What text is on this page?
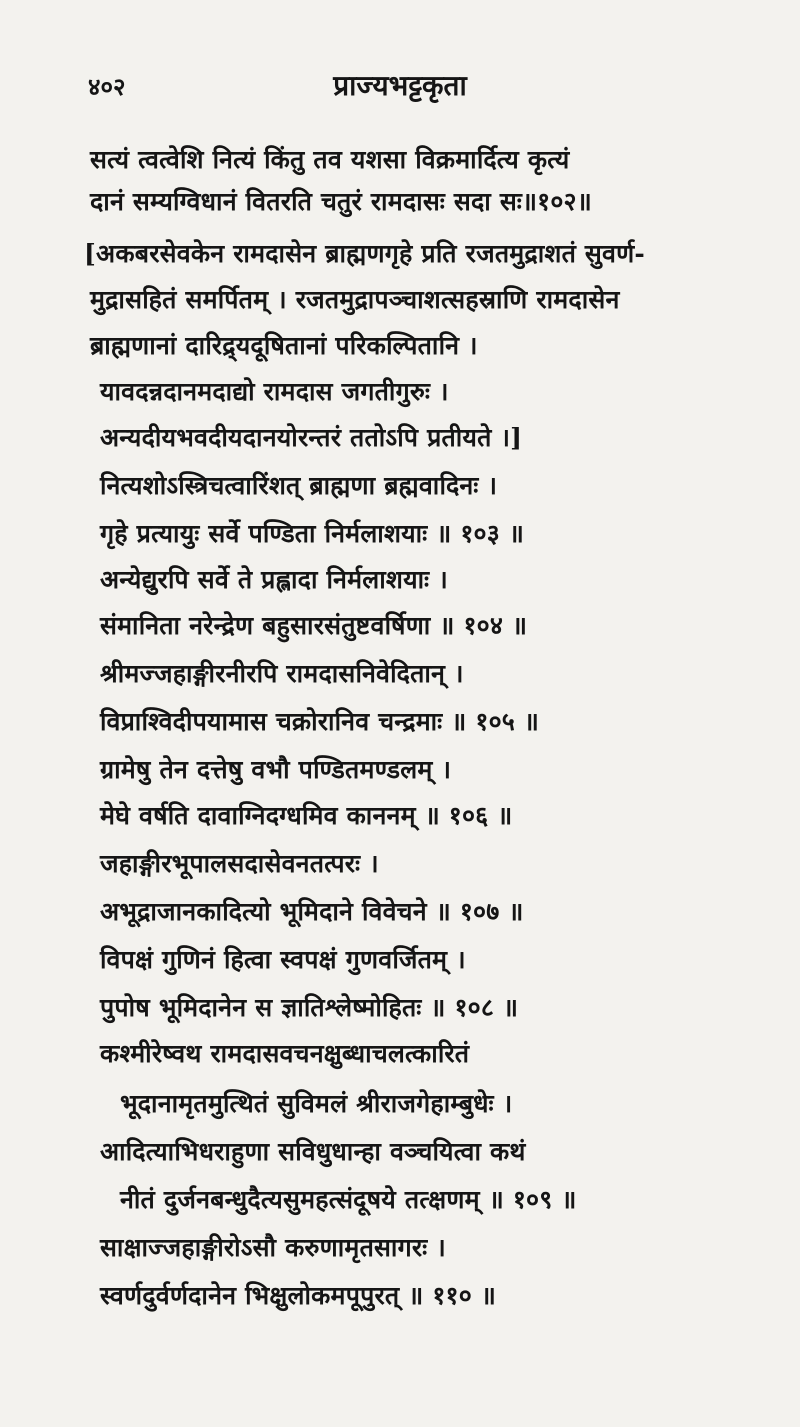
४०२	प्राज्यभट्टकृता
सत्यं त्वत्वेशि नित्यं किंतु तव यशसा विक्रमार्दित्य कृत्यं
दानं सम्यग्विधानं वितरति चतुरं रामदासः सदा सः॥१०२॥
[अकबरसेवकेन रामदासेन ब्राह्मणगृहे प्रति रजतमुद्राशतं सुवर्ण-
मुद्रासहितं समर्पितम् । रजतमुद्रापञ्चाशत्सहस्राणि रामदासेन
ब्राह्मणानां दारिद्र्यदूषितानां परिकल्पितानि ।
यावदन्नदानमदाद्यो रामदास जगतीगुरुः ।
अन्यदीयभवदीयदानयोरन्तरं ततोऽपि प्रतीयते ।]
नित्यशोऽस्त्रिचत्वारिंशत् ब्राह्मणा ब्रह्मवादिनः ।
गृहे प्रत्यायुः सर्वे पण्डिता निर्मलाशयाः ॥ १०३ ॥
अन्येद्युरपि सर्वे ते प्रह्लादा निर्मलाशयाः ।
संमानिता नरेन्द्रेण बहुसारसंतुष्टवर्षिणा ॥ १०४ ॥
श्रीमज्जहाङ्गीरनीरपि रामदासनिवेदितान् ।
विप्राश्विदीपयामास चक्रोरानिव चन्द्रमाः ॥ १०५ ॥
ग्रामेषु तेन दत्तेषु वभौ पण्डितमण्डलम् ।
मेघे वर्षति दावाग्निदग्धमिव काननम् ॥ १०६ ॥
जहाङ्गीरभूपालसदासेवनतत्परः ।
अभूद्राजानकादित्यो भूमिदाने विवेचने ॥ १०७ ॥
विपक्षं गुणिनं हित्वा स्वपक्षं गुणवर्जितम् ।
पुपोष भूमिदानेन स ज्ञातिश्लेष्मोहितः ॥ १०८ ॥
कश्मीरेष्वथ रामदासवचनक्षुब्धाचलत्कारितं
भूदानामृतमुत्थितं सुविमलं श्रीराजगेहाम्बुधेः ।
आदित्याभिधराहुणा सविधुधान्हा वञ्चयित्वा कथं
नीतं दुर्जनबन्धुदैत्यसुमहत्संदूषये तत्क्षणम् ॥ १०९ ॥
साक्षाज्जहाङ्गीरोऽसौ करुणामृतसागरः ।
स्वर्णदुर्वर्णदानेन भिक्षुलोकमपूपुरत् ॥ ११० ॥
